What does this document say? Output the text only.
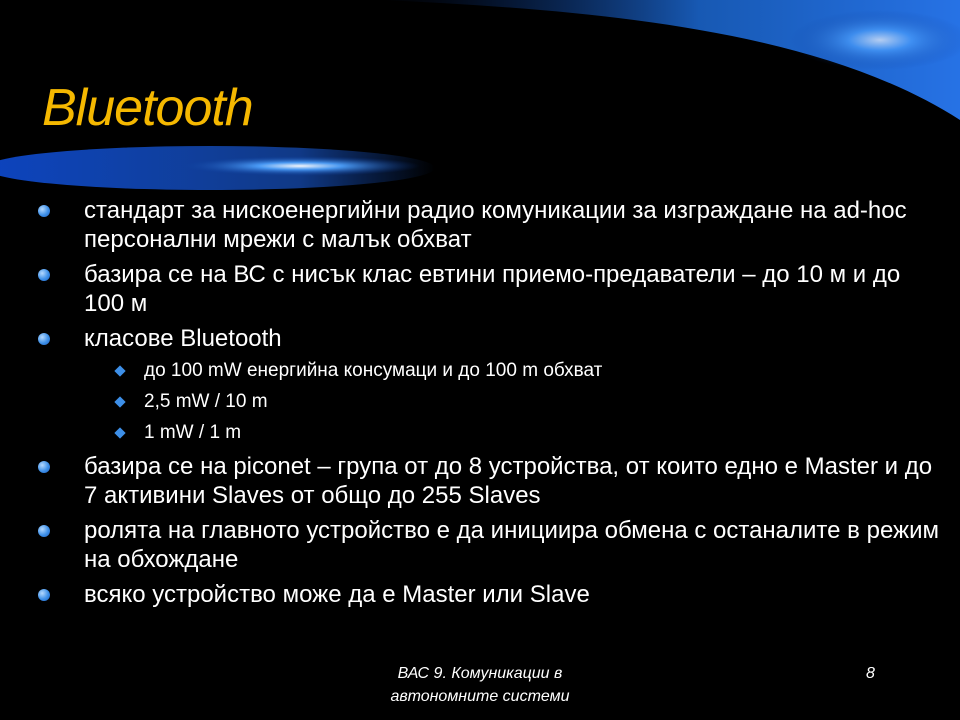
Bluetooth
стандарт за нискоенергийни радио комуникации за изграждане на ad-hoc персонални мрежи с малък обхват
базира се на ВС с нисък клас евтини приемо-предаватели – до 10 м и до 100 м
класове Bluetooth
до 100 mW енергийна консумаци и до 100 m обхват
2,5 mW / 10 m
1 mW / 1 m
базира се на piconet – група от до 8 устройства, от които едно е Master и до 7 активини Slaves от общо до 255 Slaves
ролята на главното устройство е да инициира обмена с останалите в режим на обхождане
всяко устройство може да е Master или Slave
ВАС 9. Комуникации в
автономните системи
8
